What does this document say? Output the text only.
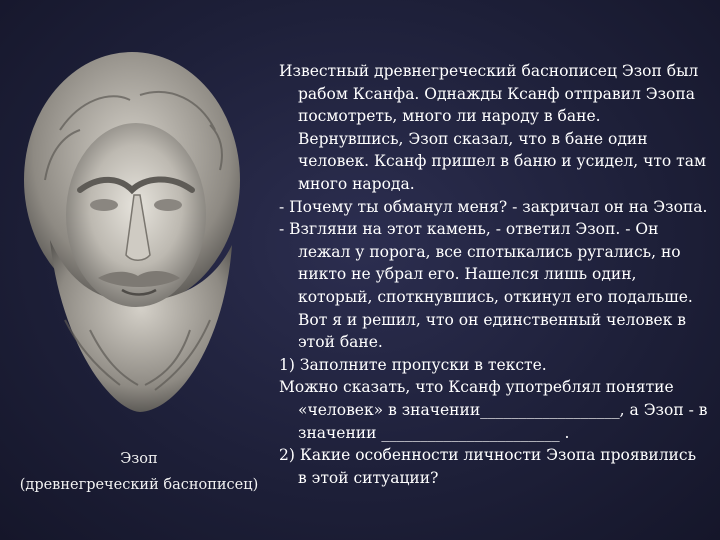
Эзоп
(древнегреческий баснописец)

Известный древнегреческий баснописец Эзоп был рабом Ксанфа. Однажды Ксанф отправил Эзопа посмотреть, много ли народу в бане. Вернувшись, Эзоп сказал, что в бане один человек. Ксанф пришел в баню и усидел, что там много народа.

- Почему ты обманул меня? - закричал он на Эзопа.

- Взгляни на этот камень, - ответил Эзоп. - Он лежал у порога, все спотыкались ругались, но никто не убрал его. Нашелся лишь один, который, споткнувшись, откинул его подальше. Вот я и решил, что он единственный человек в этой бане.

1) Заполните пропуски в тексте.

Можно сказать, что Ксанф употреблял понятие «человек» в значении__________________, а Эзоп - в значении _______________________ .

2) Какие особенности личности Эзопа проявились в этой ситуации?
